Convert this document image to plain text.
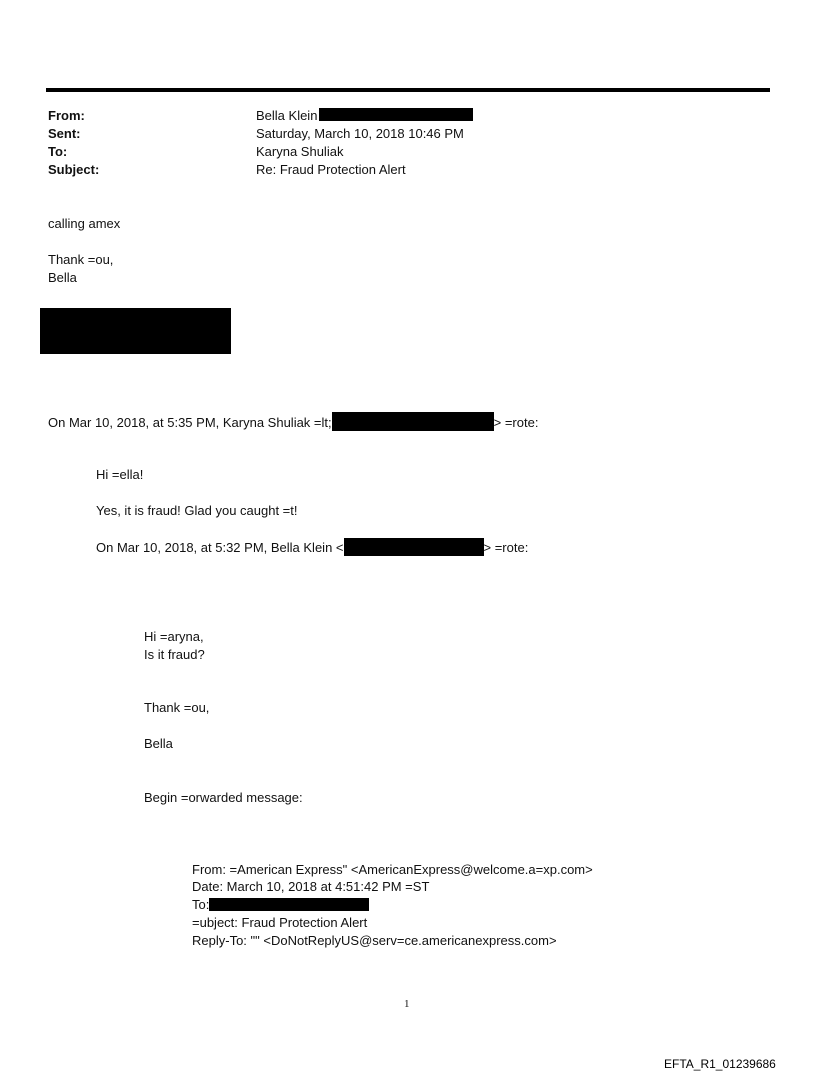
From:	Bella Klein
Sent:	Saturday, March 10, 2018 10:46 PM
To:	Karyna Shuliak
Subject:	Re: Fraud Protection Alert
calling amex
Thank =ou,
Bella
On Mar 10, 2018, at 5:35 PM, Karyna Shuliak =lt;	> =rote:
Hi =ella!
Yes, it is fraud! Glad you caught =t!
On Mar 10, 2018, at 5:32 PM, Bella Klein <	> =rote:
Hi =aryna,
Is it fraud?
Thank =ou,
Bella
Begin =orwarded message:
From: =American Express" <AmericanExpress@welcome.a=xp.com>
Date: March 10, 2018 at 4:51:42 PM =ST
To:
=ubject: Fraud Protection Alert
Reply-To: "" <DoNotReplyUS@serv=ce.americanexpress.com>
1
EFTA_R1_01239686
